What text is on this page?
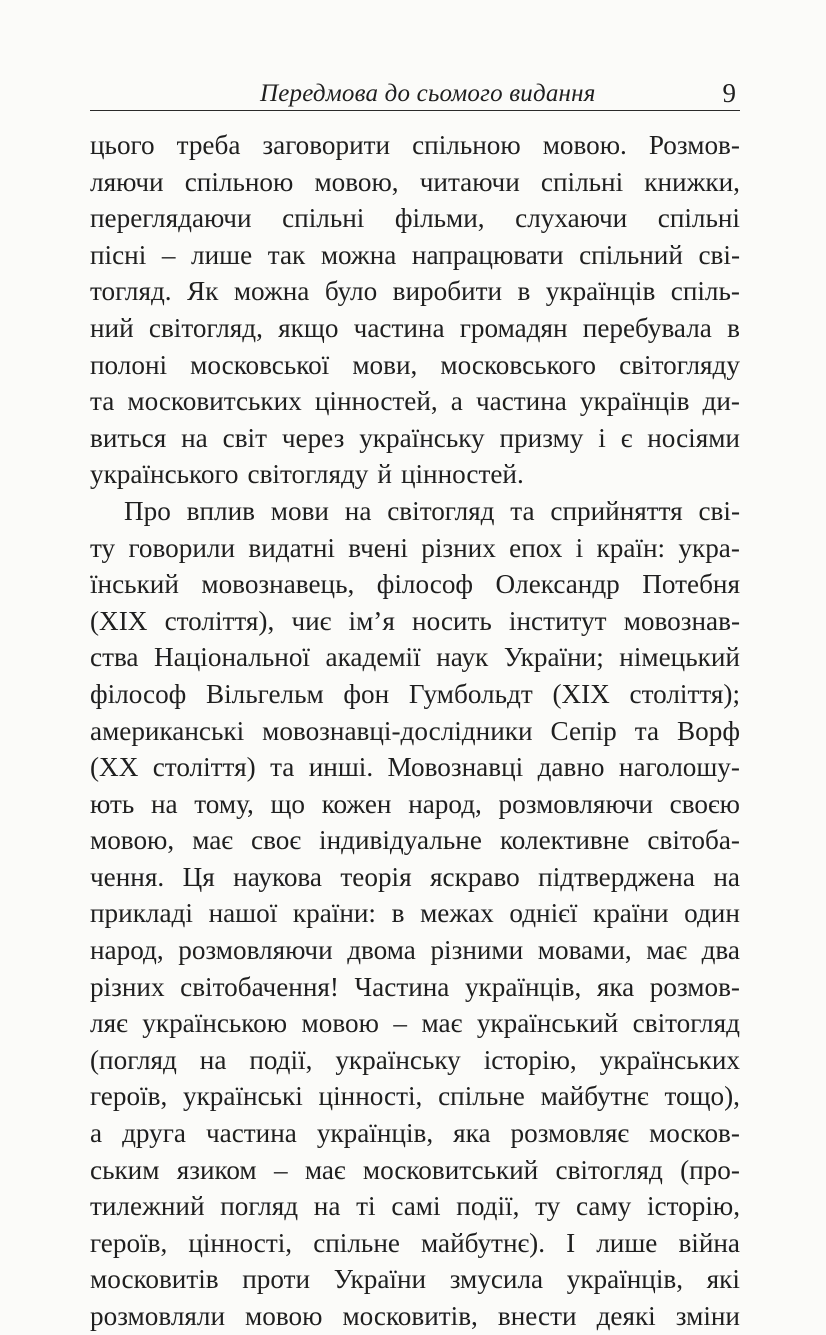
Передмова до сьомого видання	9
цього треба заговорити спільною мовою. Розмов-
ляючи спільною мовою, читаючи спільні книжки,
переглядаючи спільні фільми, слухаючи спільні
пісні – лише так можна напрацювати спільний сві-
тогляд. Як можна було виробити в українців спіль-
ний світогляд, якщо частина громадян перебувала в
полоні московської мови, московського світогляду
та московитських цінностей, а частина українців ди-
виться на світ через українську призму і є носіями
українського світогляду й цінностей.
Про вплив мови на світогляд та сприйняття сві-
ту говорили видатні вчені різних епох і країн: укра-
їнський мовознавець, філософ Олександр Потебня
(XIX століття), чиє ім’я носить інститут мовознав-
ства Національної академії наук України; німецький
філософ Вільгельм фон Гумбольдт (XIX століття);
американські мовознавці-дослідники Сепір та Ворф
(XX століття) та инші. Мовознавці давно наголошу-
ють на тому, що кожен народ, розмовляючи своєю
мовою, має своє індивідуальне колективне світоба-
чення. Ця наукова теорія яскраво підтверджена на
прикладі нашої країни: в межах однієї країни один
народ, розмовляючи двома різними мовами, має два
різних світобачення! Частина українців, яка розмов-
ляє українською мовою – має український світогляд
(погляд на події, українську історію, українських
героїв, українські цінності, спільне майбутнє тощо),
а друга частина українців, яка розмовляє москов-
ським язиком – має московитський світогляд (про-
тилежний погляд на ті самі події, ту саму історію,
героїв, цінності, спільне майбутнє). І лише війна
московитів проти України змусила українців, які
розмовляли мовою московитів, внести деякі зміни
